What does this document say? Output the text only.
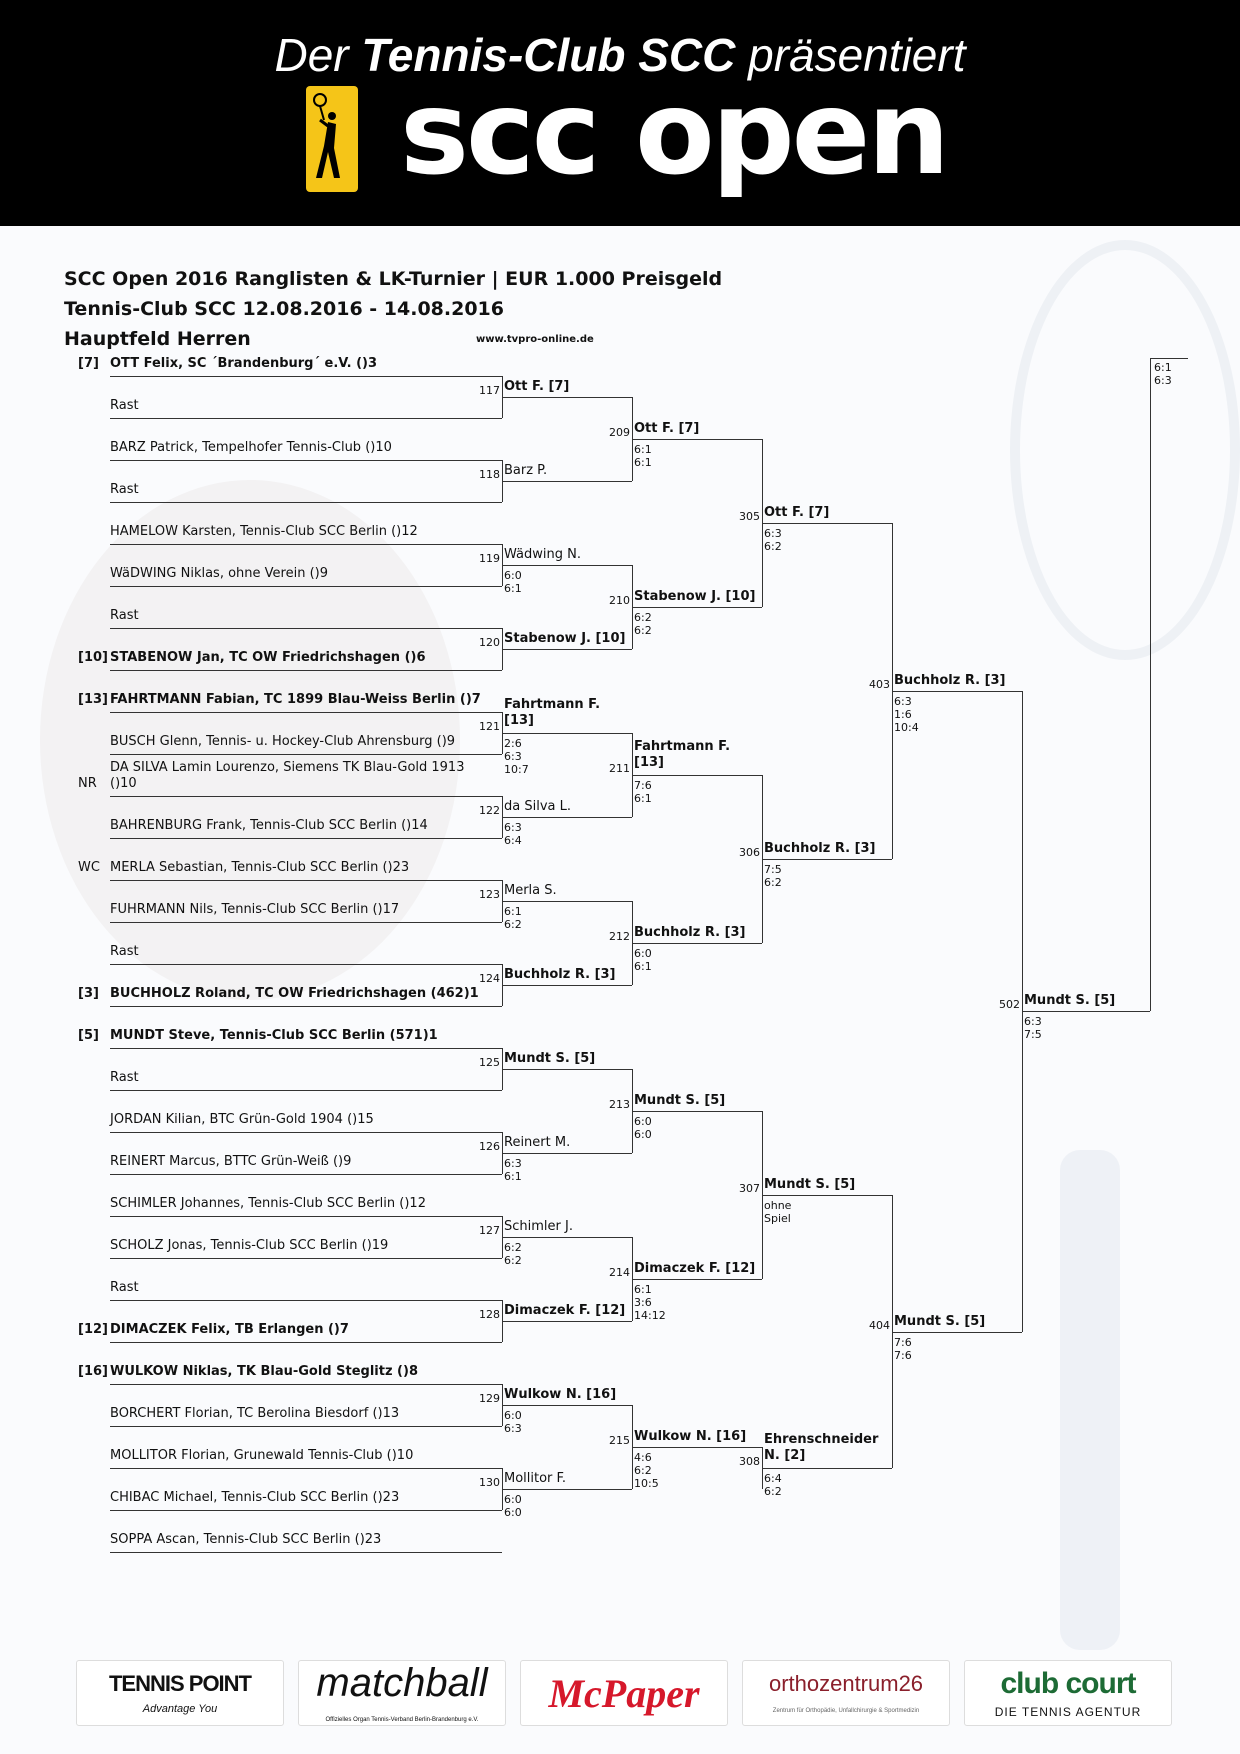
Der Tennis-Club SCC präsentiert
scc open
SCC Open 2016 Ranglisten & LK-Turnier | EUR 1.000 Preisgeld
Tennis-Club SCC 12.08.2016 - 14.08.2016
Hauptfeld Herren	www.tvpro-online.de
[7] OTT Felix, SC ´Brandenburg´ e.V. ()3
Rast
BARZ Patrick, Tempelhofer Tennis-Club ()10
Rast
HAMELOW Karsten, Tennis-Club SCC Berlin ()12
WäDWING Niklas, ohne Verein ()9
Rast
[10] STABENOW Jan, TC OW Friedrichshagen ()6
[13] FAHRTMANN Fabian, TC 1899 Blau-Weiss Berlin ()7
BUSCH Glenn, Tennis- u. Hockey-Club Ahrensburg ()9
NR
DA SILVA Lamin Lourenzo, Siemens TK Blau-Gold 1913 ()10
BAHRENBURG Frank, Tennis-Club SCC Berlin ()14
WC MERLA Sebastian, Tennis-Club SCC Berlin ()23
FUHRMANN Nils, Tennis-Club SCC Berlin ()17
Rast
[3] BUCHHOLZ Roland, TC OW Friedrichshagen (462)1
[5] MUNDT Steve, Tennis-Club SCC Berlin (571)1
Rast
JORDAN Kilian, BTC Grün-Gold 1904 ()15
REINERT Marcus, BTTC Grün-Weiß ()9
SCHIMLER Johannes, Tennis-Club SCC Berlin ()12
SCHOLZ Jonas, Tennis-Club SCC Berlin ()19
Rast
[12] DIMACZEK Felix, TB Erlangen ()7
[16] WULKOW Niklas, TK Blau-Gold Steglitz ()8
BORCHERT Florian, TC Berolina Biesdorf ()13
MOLLITOR Florian, Grunewald Tennis-Club ()10
CHIBAC Michael, Tennis-Club SCC Berlin ()23
SOPPA Ascan, Tennis-Club SCC Berlin ()23
117 Ott F. [7]
118 Barz P.
119 Wädwing N.
6:0 6:1
120 Stabenow J. [10]
121
Fahrtmann F. [13]
2:6 6:3 10:7
122 da Silva L.
6:3 6:4
123 Merla S.
6:1 6:2
124 Buchholz R. [3]
125 Mundt S. [5]
126 Reinert M.
6:3 6:1
127 Schimler J.
6:2 6:2
128 Dimaczek F. [12]
129 Wulkow N. [16]
6:0 6:3
130 Mollitor F.
6:0 6:0
209 Ott F. [7]
6:1 6:1
210 Stabenow J. [10]
6:2 6:2
211
Fahrtmann F. [13]
7:6 6:1
212 Buchholz R. [3]
6:0 6:1
213 Mundt S. [5]
6:0 6:0
214 Dimaczek F. [12]
6:1 3:6 14:12
215 Wulkow N. [16]
4:6 6:2 10:5
305 Ott F. [7]
6:3 6:2
306 Buchholz R. [3]
7:5 6:2
307 Mundt S. [5]
ohne Spiel
308
Ehrenschneider N. [2]
6:4 6:2
403 Buchholz R. [3]
6:3 1:6 10:4
404 Mundt S. [5]
7:6 7:6
502 Mundt S. [5]
6:3 7:5
6:1 6:3
TENNIS POINT
Advantage You
matchball
Offizielles Organ Tennis-Verband Berlin-Brandenburg e.V.
McPaper	orthozentrum26
Zentrum für Orthopädie, Unfallchirurgie & Sportmedizin
club court
DIE TENNIS AGENTUR
